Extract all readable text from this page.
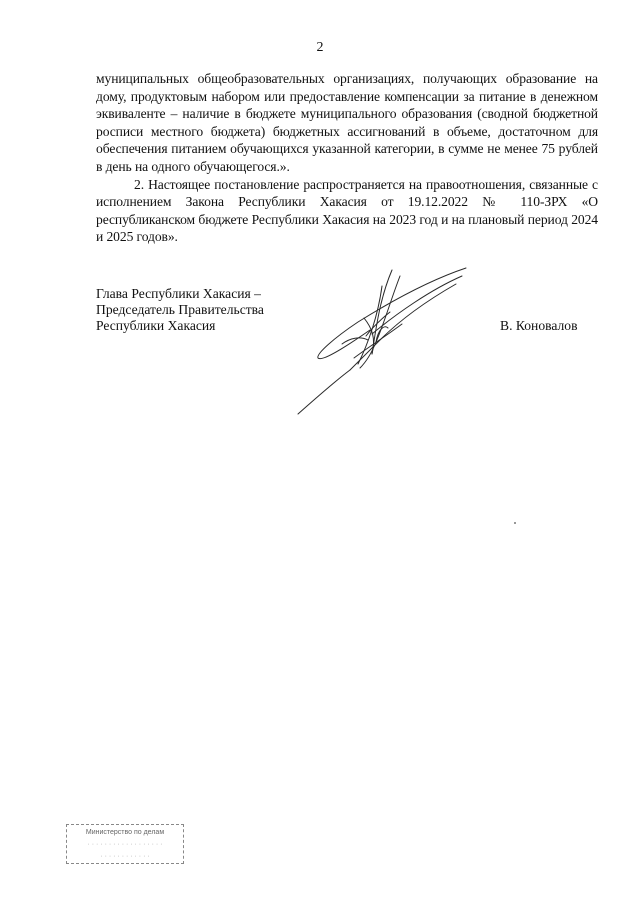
2

муниципальных общеобразовательных организациях, получающих образование на дому, продуктовым набором или предоставление компенсации за питание в денежном эквиваленте – наличие в бюджете муниципального образования (сводной бюджетной росписи местного бюджета) бюджетных ассигнований в объеме, достаточном для обеспечения питанием обучающихся указанной категории, в сумме не менее 75 рублей в день на одного обучающегося.».

2. Настоящее постановление распространяется на правоотношения, связанные с исполнением Закона Республики Хакасия от 19.12.2022 № 110-ЗРХ «О республиканском бюджете Республики Хакасия на 2023 год и на плановый период 2024 и 2025 годов».

Глава Республики Хакасия –
Председатель Правительства
Республики Хакасия	В. Коновалов
Министерство по делам
· · · · · · · · · · · · · · · · · ·
· · · · · · · · · · · ·
